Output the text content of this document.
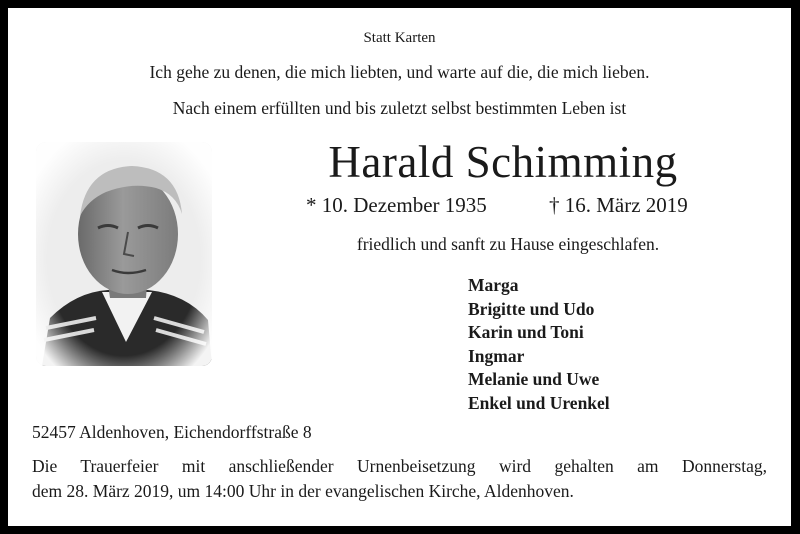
Statt Karten
Ich gehe zu denen, die mich liebten, und warte auf die, die mich lieben.
Nach einem erfüllten und bis zuletzt selbst bestimmten Leben ist
Harald Schimming
* 10. Dezember 1935	† 16. März 2019
friedlich und sanft zu Hause eingeschlafen.
Marga
Brigitte und Udo
Karin und Toni
Ingmar
Melanie und Uwe
Enkel und Urenkel
52457 Aldenhoven, Eichendorffstraße 8
Die Trauerfeier mit anschließender Urnenbeisetzung wird gehalten am Donnerstag,
dem 28. März 2019, um 14:00 Uhr in der evangelischen Kirche, Aldenhoven.
